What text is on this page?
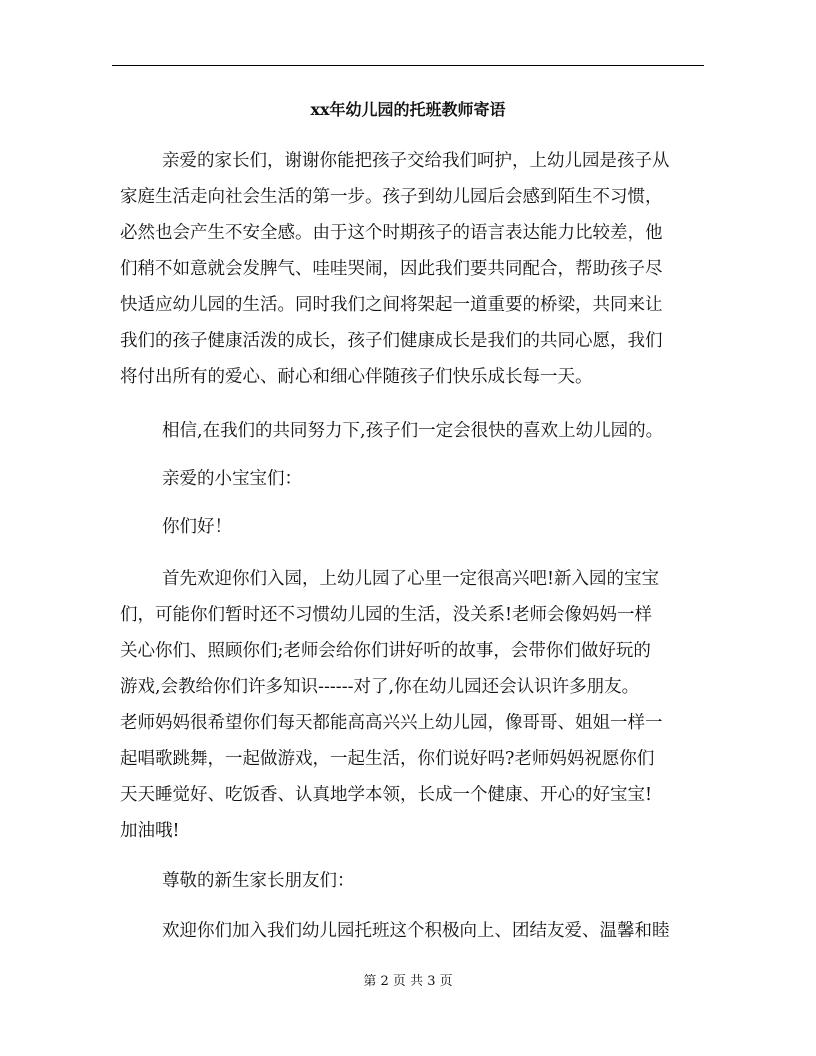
xx年幼儿园的托班教师寄语
亲爱的家长们，谢谢你能把孩子交给我们呵护，上幼儿园是孩子从
家庭生活走向社会生活的第一步。孩子到幼儿园后会感到陌生不习惯，
必然也会产生不安全感。由于这个时期孩子的语言表达能力比较差，他
们稍不如意就会发脾气、哇哇哭闹，因此我们要共同配合，帮助孩子尽
快适应幼儿园的生活。同时我们之间将架起一道重要的桥梁，共同来让
我们的孩子健康活泼的成长，孩子们健康成长是我们的共同心愿，我们
将付出所有的爱心、耐心和细心伴随孩子们快乐成长每一天。
相信,在我们的共同努力下,孩子们一定会很快的喜欢上幼儿园的。
亲爱的小宝宝们：
你们好！
首先欢迎你们入园，上幼儿园了心里一定很高兴吧!新入园的宝宝
们，可能你们暂时还不习惯幼儿园的生活，没关系!老师会像妈妈一样
关心你们、照顾你们;老师会给你们讲好听的故事，会带你们做好玩的
游戏,会教给你们许多知识------对了,你在幼儿园还会认识许多朋友。
老师妈妈很希望你们每天都能高高兴兴上幼儿园，像哥哥、姐姐一样一
起唱歌跳舞，一起做游戏，一起生活，你们说好吗?老师妈妈祝愿你们
天天睡觉好、吃饭香、认真地学本领，长成一个健康、开心的好宝宝!
加油哦!
尊敬的新生家长朋友们：
欢迎你们加入我们幼儿园托班这个积极向上、团结友爱、温馨和睦
第 2 页 共 3 页
